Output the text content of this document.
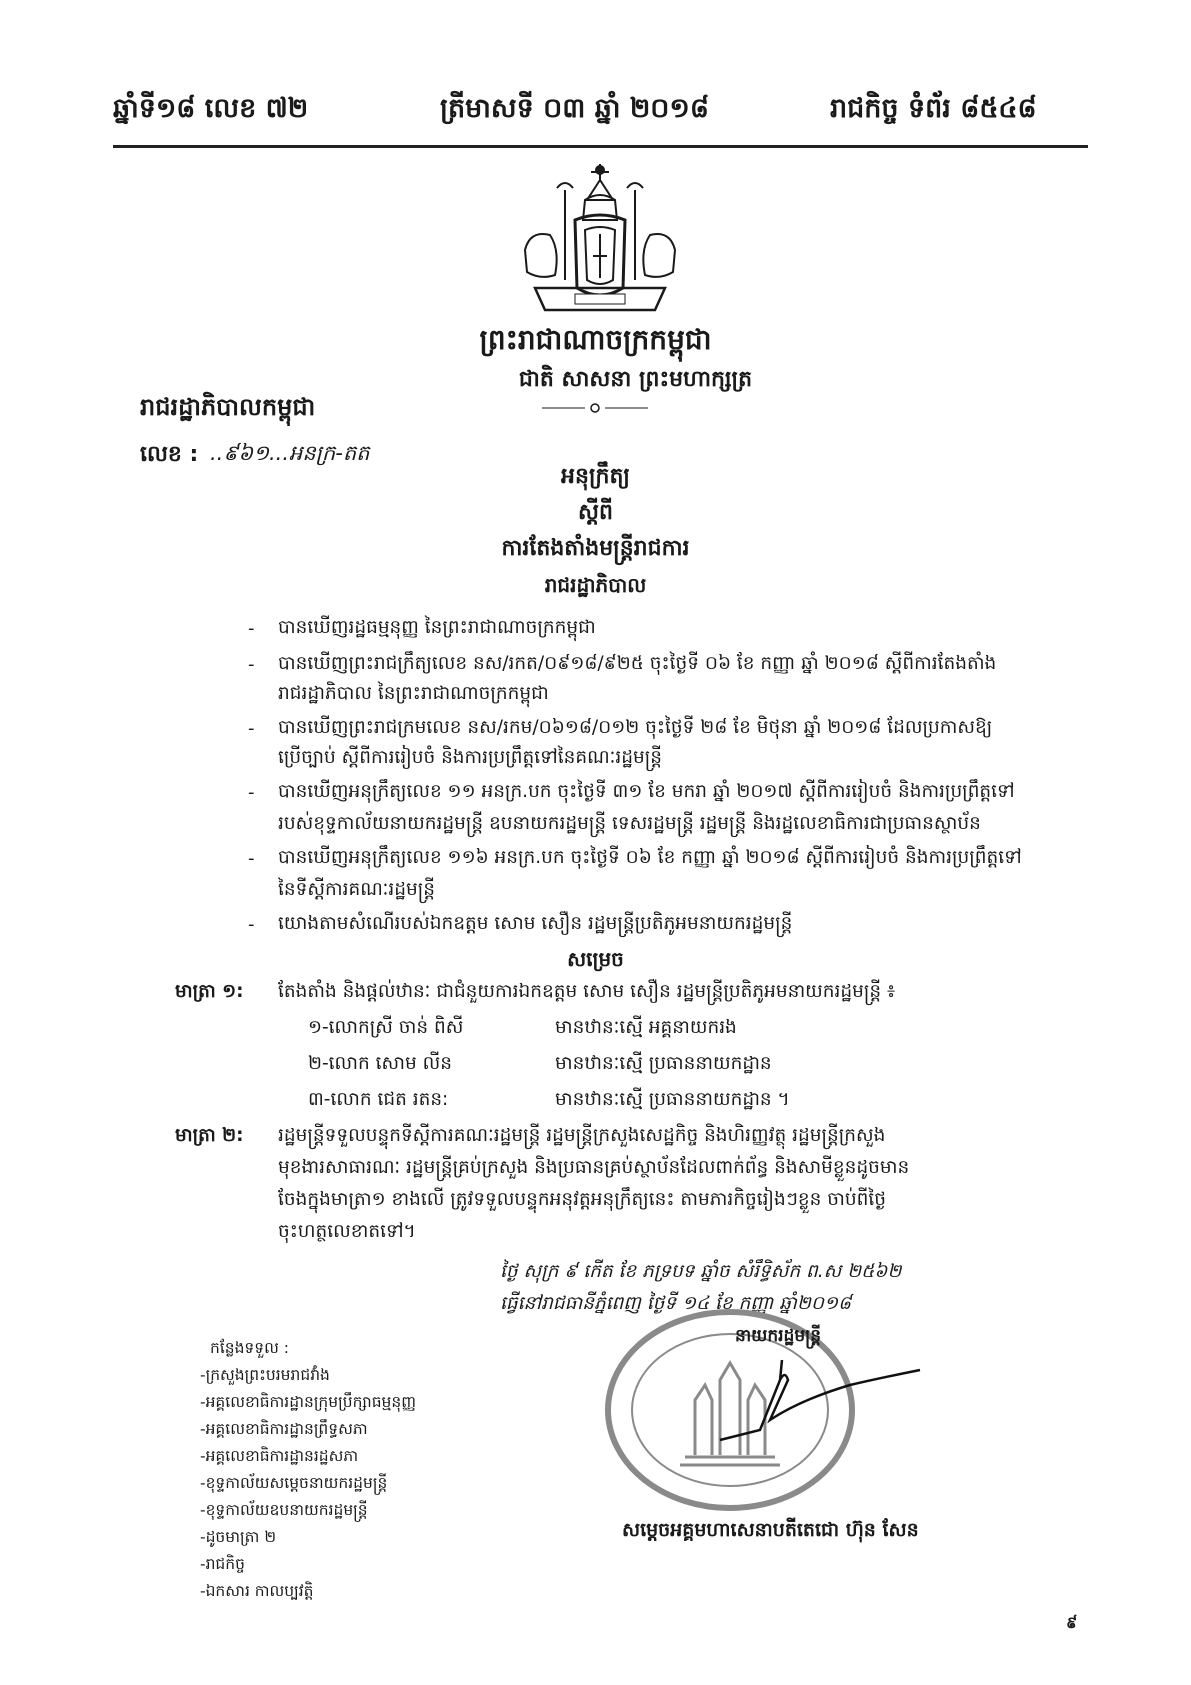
ឆ្នាំទី១៨ លេខ ៧២	ត្រីមាសទី ០៣ ឆ្នាំ ២០១៨	រាជកិច្ច ទំព័រ ៨៥៤៨
ព្រះរាជាណាចក្រកម្ពុជា
ជាតិ សាសនា ព្រះមហាក្សត្រ
រាជរដ្ឋាភិបាលកម្ពុជា
លេខ : ..៩៦១...អនក្រ-តត
អនុក្រឹត្យ
ស្តីពី
ការតែងតាំងមន្ត្រីរាជការ
រាជរដ្ឋាភិបាល
- បានឃើញរដ្ឋធម្មនុញ្ញ នៃព្រះរាជាណាចក្រកម្ពុជា
- បានឃើញព្រះរាជក្រឹត្យលេខ នស/រកត/០៩១៨/៩២៥ ចុះថ្ងៃទី ០៦ ខែ កញ្ញា ឆ្នាំ ២០១៨ ស្តីពីការតែងតាំង
រាជរដ្ឋាភិបាល នៃព្រះរាជាណាចក្រកម្ពុជា
- បានឃើញព្រះរាជក្រមលេខ នស/រកម/០៦១៨/០១២ ចុះថ្ងៃទី ២៨ ខែ មិថុនា ឆ្នាំ ២០១៨ ដែលប្រកាសឱ្យ
ប្រើច្បាប់ ស្តីពីការរៀបចំ និងការប្រព្រឹត្តទៅនៃគណៈរដ្ឋមន្ត្រី
- បានឃើញអនុក្រឹត្យលេខ ១១ អនក្រ.បក ចុះថ្ងៃទី ៣១ ខែ មករា ឆ្នាំ ២០១៧ ស្តីពីការរៀបចំ និងការប្រព្រឹត្តទៅ
របស់ខុទ្ទកាល័យនាយករដ្ឋមន្ត្រី ឧបនាយករដ្ឋមន្ត្រី ទេសរដ្ឋមន្ត្រី រដ្ឋមន្ត្រី និងរដ្ឋលេខាធិការជាប្រធានស្ថាប័ន
- បានឃើញអនុក្រឹត្យលេខ ១១៦ អនក្រ.បក ចុះថ្ងៃទី ០៦ ខែ កញ្ញា ឆ្នាំ ២០១៨ ស្តីពីការរៀបចំ និងការប្រព្រឹត្តទៅ
នៃទីស្តីការគណៈរដ្ឋមន្ត្រី
- យោងតាមសំណើរបស់ឯកឧត្តម សោម សឿន រដ្ឋមន្ត្រីប្រតិភូអមនាយករដ្ឋមន្ត្រី
សម្រេច
មាត្រា ១: តែងតាំង និងផ្តល់ឋានៈ ជាជំនួយការឯកឧត្តម សោម សឿន រដ្ឋមន្ត្រីប្រតិភូអមនាយករដ្ឋមន្ត្រី ៖
១-លោកស្រី ចាន់ ពិសី	មានឋានៈស្មើ អគ្គនាយករង
២-លោក សោម លីន	មានឋានៈស្មើ ប្រធាននាយកដ្ឋាន
៣-លោក ជេត រតន:	មានឋានៈស្មើ ប្រធាននាយកដ្ឋាន ។
មាត្រា ២: រដ្ឋមន្ត្រីទទួលបន្ទុកទីស្តីការគណៈរដ្ឋមន្ត្រី រដ្ឋមន្ត្រីក្រសួងសេដ្ឋកិច្ច និងហិរញ្ញវត្ថុ រដ្ឋមន្ត្រីក្រសួង
មុខងារសាធារណៈ រដ្ឋមន្ត្រីគ្រប់ក្រសួង និងប្រធានគ្រប់ស្ថាប័នដែលពាក់ព័ន្ធ និងសាមីខ្លួនដូចមាន
ចែងក្នុងមាត្រា១ ខាងលើ ត្រូវទទួលបន្ទុកអនុវត្តអនុក្រឹត្យនេះ តាមភារកិច្ចរៀងៗខ្លួន ចាប់ពីថ្ងៃ
ចុះហត្ថលេខាតទៅ។
ថ្ងៃ សុក្រ ៩ កើត ខែ ភទ្របទ ឆ្នាំច សំរឹទ្ធិស័ក ព.ស ២៥៦២
ធ្វើនៅរាជធានីភ្នំពេញ ថ្ងៃទី ១៤ ខែ កញ្ញា ឆ្នាំ២០១៨
នាយករដ្ឋមន្ត្រី
សម្តេចអគ្គមហាសេនាបតីតេជោ ហ៊ុន សែន
កន្លែងទទួល :
-ក្រសួងព្រះបរមរាជវាំង
-អគ្គលេខាធិការដ្ឋានក្រុមប្រឹក្សាធម្មនុញ្ញ
-អគ្គលេខាធិការដ្ឋានព្រឹទ្ធសភា
-អគ្គលេខាធិការដ្ឋានរដ្ឋសភា
-ខុទ្ទកាល័យសម្តេចនាយករដ្ឋមន្ត្រី
-ខុទ្ទកាល័យឧបនាយករដ្ឋមន្ត្រី
-ដូចមាត្រា ២
-រាជកិច្ច
-ឯកសារ កាលប្បវត្តិ
៩
